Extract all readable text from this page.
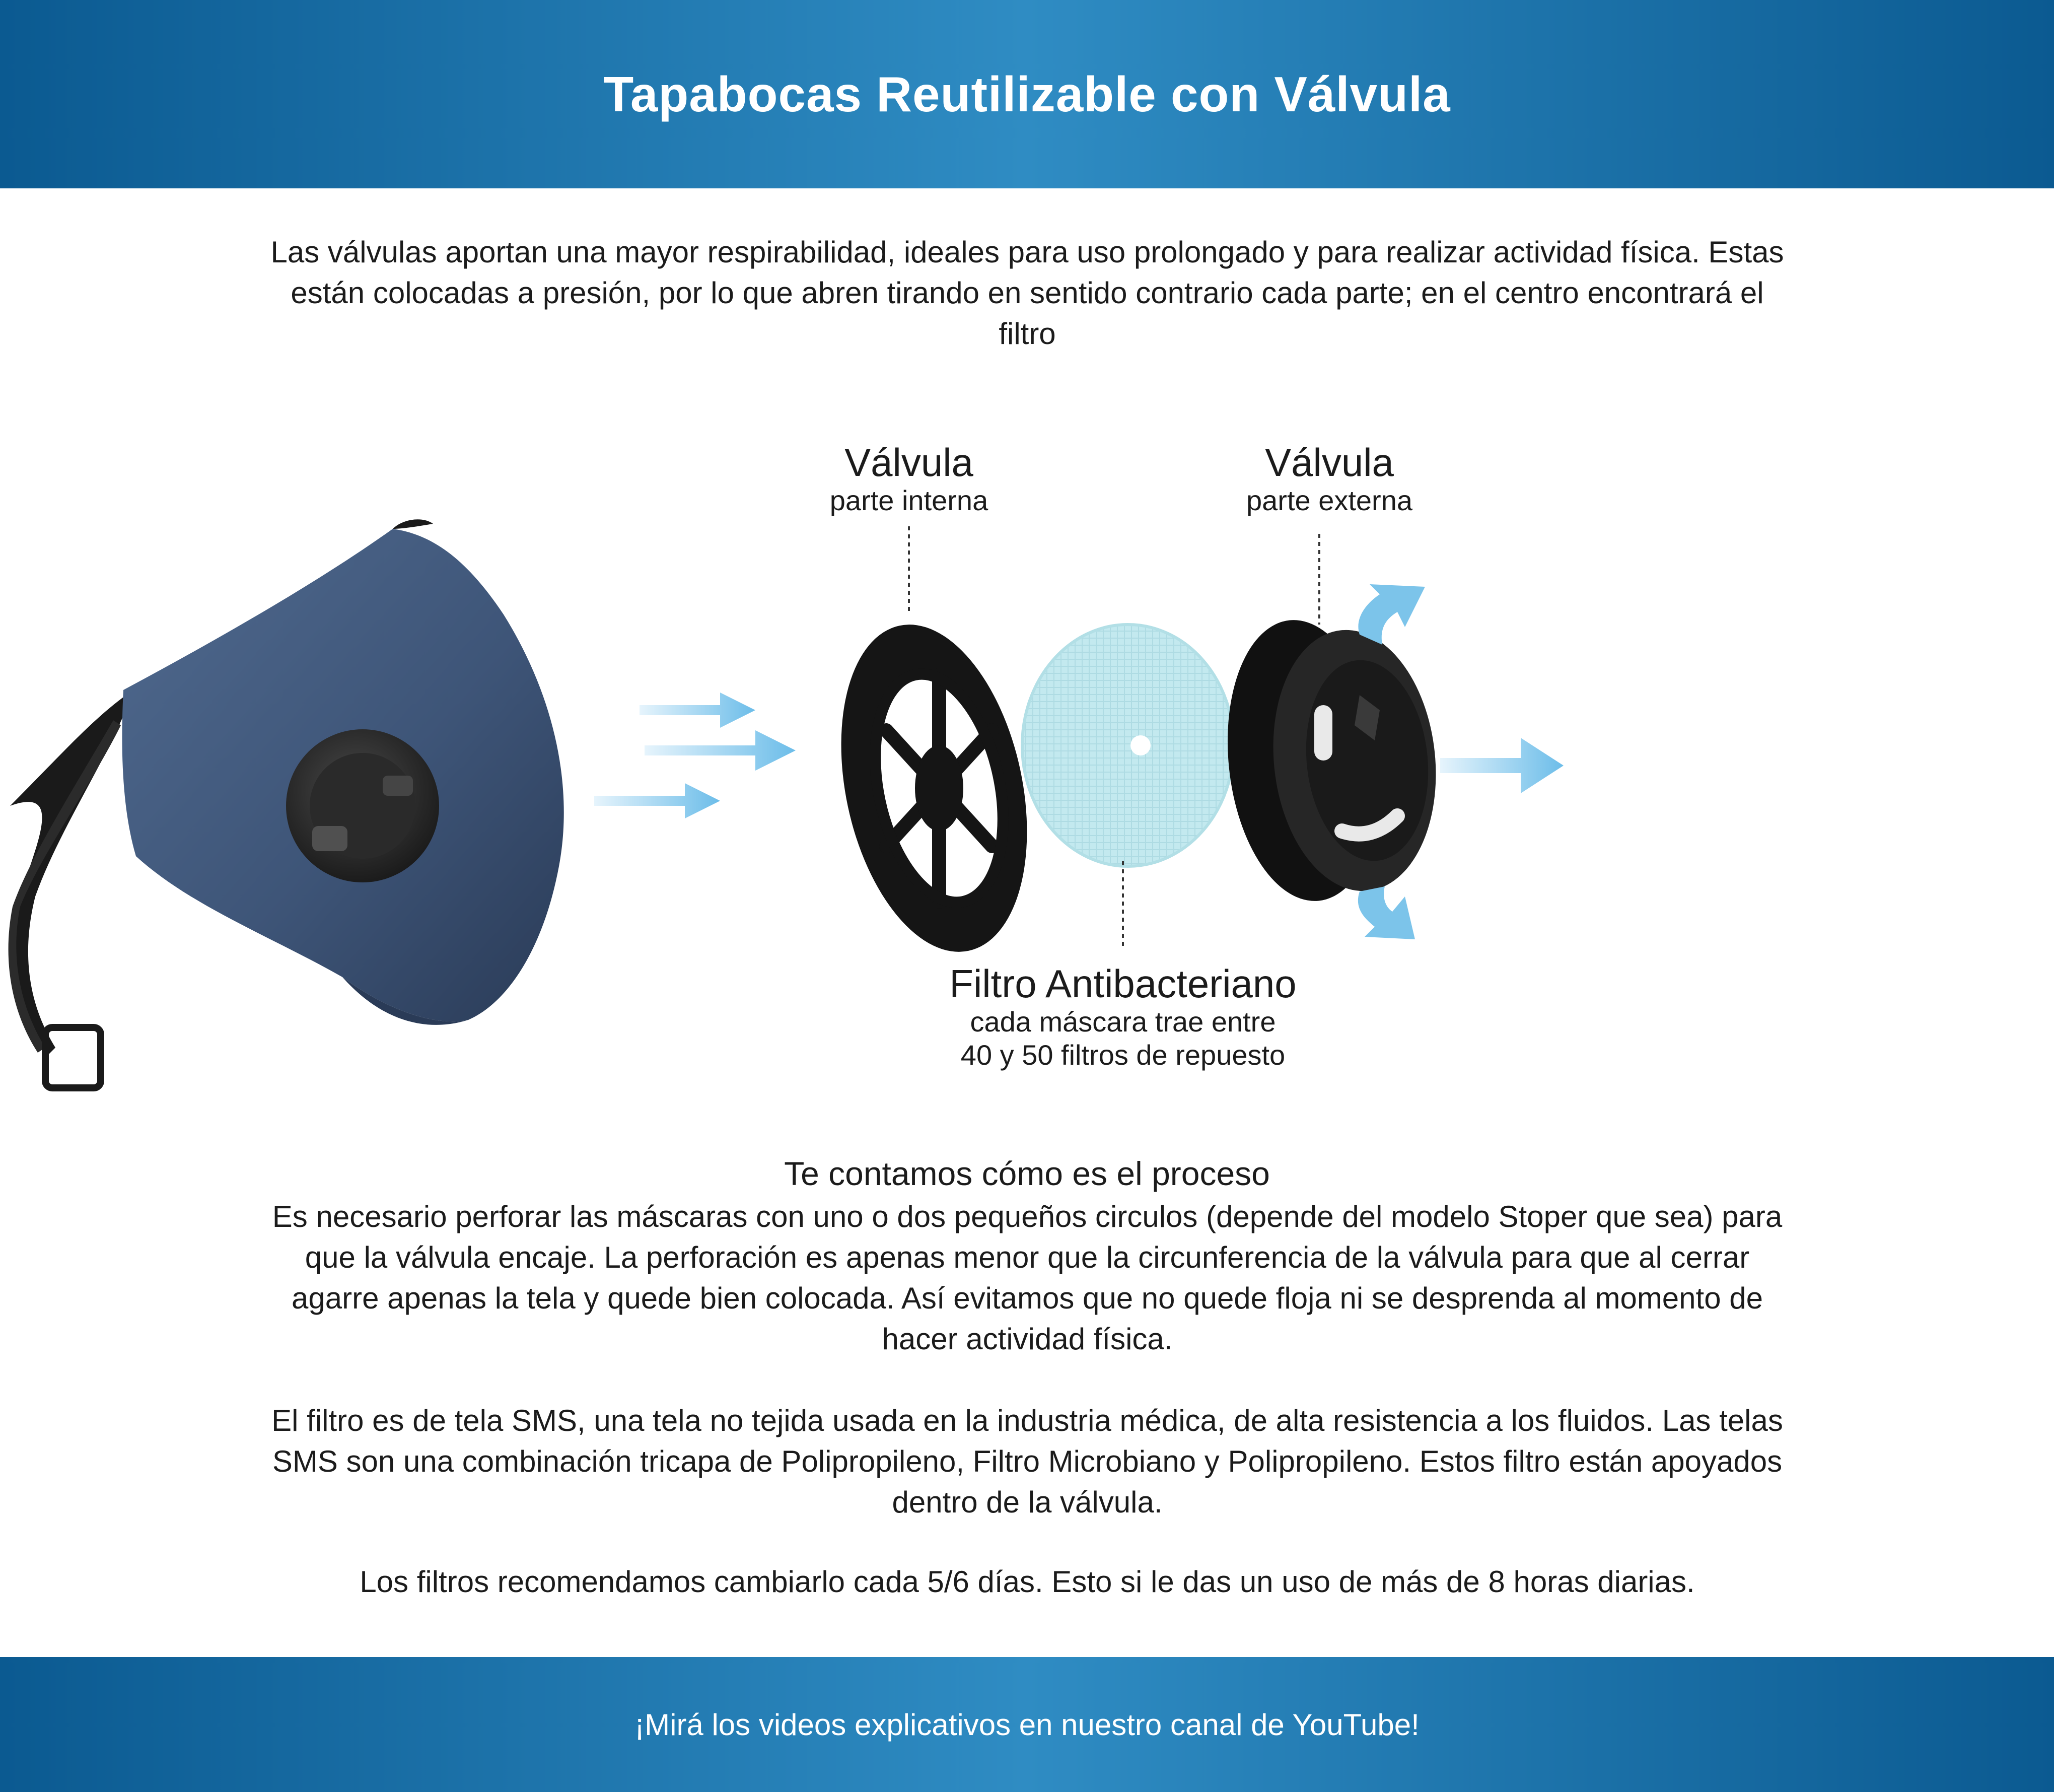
Tapabocas Reutilizable con Válvula

Las válvulas aportan una mayor respirabilidad, ideales para uso prolongado y para realizar actividad física. Estas están colocadas a presión, por lo que abren tirando en sentido contrario cada parte; en el centro encontrará el filtro

Válvula
parte interna
Válvula
parte externa
Filtro Antibacteriano
cada máscara trae entre
40 y 50 filtros de repuesto
Te contamos cómo es el proceso

Es necesario perforar las máscaras con uno o dos pequeños circulos (depende del modelo Stoper que sea) para que la válvula encaje. La perforación es apenas menor que la circunferencia de la válvula para que al cerrar agarre apenas la tela y quede bien colocada. Así evitamos que no quede floja ni se desprenda al momento de hacer actividad física.

El filtro es de tela SMS, una tela no tejida usada en la industria médica, de alta resistencia a los fluidos. Las telas SMS son una combinación tricapa de Polipropileno, Filtro Microbiano y Polipropileno. Estos filtro están apoyados dentro de la válvula.

Los filtros recomendamos cambiarlo cada 5/6 días. Esto si le das un uso de más de 8 horas diarias.

¡Mirá los videos explicativos en nuestro canal de YouTube!
